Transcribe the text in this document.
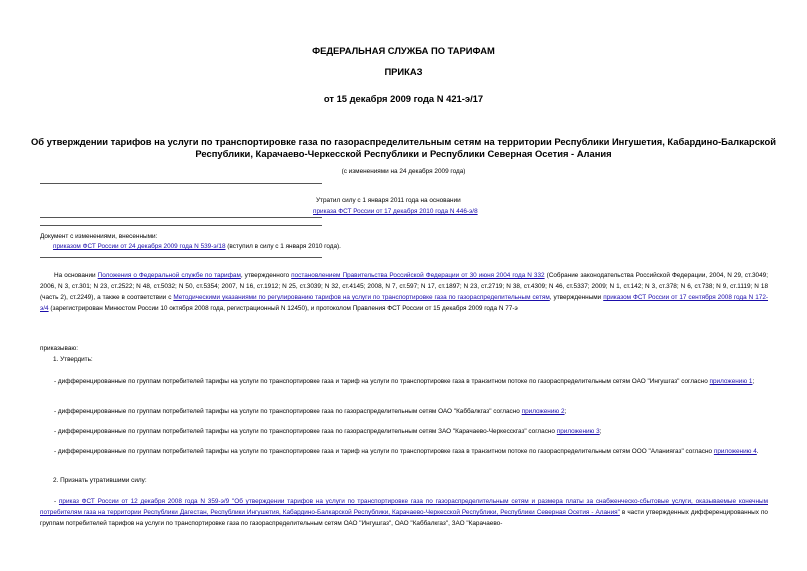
ФЕДЕРАЛЬНАЯ СЛУЖБА ПО ТАРИФАМ
ПРИКАЗ
от 15 декабря 2009 года N 421-э/17
Об утверждении тарифов на услуги по транспортировке газа по газораспределительным сетям на территории Республики Ингушетия, Кабардино-Балкарской
Республики, Карачаево-Черкесской Республики и Республики Северная Осетия - Алания
(с изменениями на 24 декабря 2009 года)
Утратил силу с 1 января 2011 года на основании
приказа ФСТ России от 17 декабря 2010 года N 446-э/8
Документ с изменениями, внесенными:
приказом ФСТ России от 24 декабря 2009 года N 539-э/18 (вступил в силу с 1 января 2010 года).
На основании Положения о Федеральной службе по тарифам, утвержденного постановлением Правительства Российской Федерации от 30 июня 2004 года N 332 (Собрание законодательства Российской Федерации, 2004, N 29, ст.3049; 2006, N 3, ст.301; N 23, ст.2522; N 48, ст.5032; N 50, ст.5354; 2007, N 16, ст.1912; N 25, ст.3039; N 32, ст.4145; 2008, N 7, ст.597; N 17, ст.1897; N 23, ст.2719; N 38, ст.4309; N 46, ст.5337; 2009; N 1, ст.142; N 3, ст.378; N 6, ст.738; N 9, ст.1119; N 18 (часть 2), ст.2249), а также в соответствии с Методическими указаниями по регулированию тарифов на услуги по транспортировке газа по газораспределительным сетям, утвержденными приказом ФСТ России от 17 сентября 2008 года N 172-э/4 (зарегистрирован Минюстом России 10 октября 2008 года, регистрационный N 12450), и протоколом Правления ФСТ России от 15 декабря 2009 года N 77-э
приказываю:
1. Утвердить:
- дифференцированные по группам потребителей тарифы на услуги по транспортировке газа и тариф на услуги по транспортировке газа в транзитном потоке по газораспределительным сетям ОАО "Ингушгаз" согласно приложению 1;
- дифференцированные по группам потребителей тарифы на услуги по транспортировке газа по газораспределительным сетям ОАО "Каббалкгаз" согласно приложению 2;
- дифференцированные по группам потребителей тарифы на услуги по транспортировке газа по газораспределительным сетям ЗАО "Карачаево-Черкесскгаз" согласно приложению 3;
- дифференцированные по группам потребителей тарифы на услуги по транспортировке газа и тариф на услуги по транспортировке газа в транзитном потоке по газораспределительным сетям ООО "Аланиягаз" согласно приложению 4.
2. Признать утратившими силу:
- приказ ФСТ России от 12 декабря 2008 года N 359-э/9 "Об утверждении тарифов на услуги по транспортировке газа по газораспределительным сетям и размера платы за снабженческо-сбытовые услуги, оказываемые конечным потребителям газа на территории Республики Дагестан, Республики Ингушетия, Кабардино-Балкарской Республики, Карачаево-Черкесской Республики, Республики Северная Осетия - Алания" в части утвержденных дифференцированных по группам потребителей тарифов на услуги по транспортировке газа по газораспределительным сетям ОАО "Ингушгаз", ОАО "Каббалкгаз", ЗАО "Карачаево-
